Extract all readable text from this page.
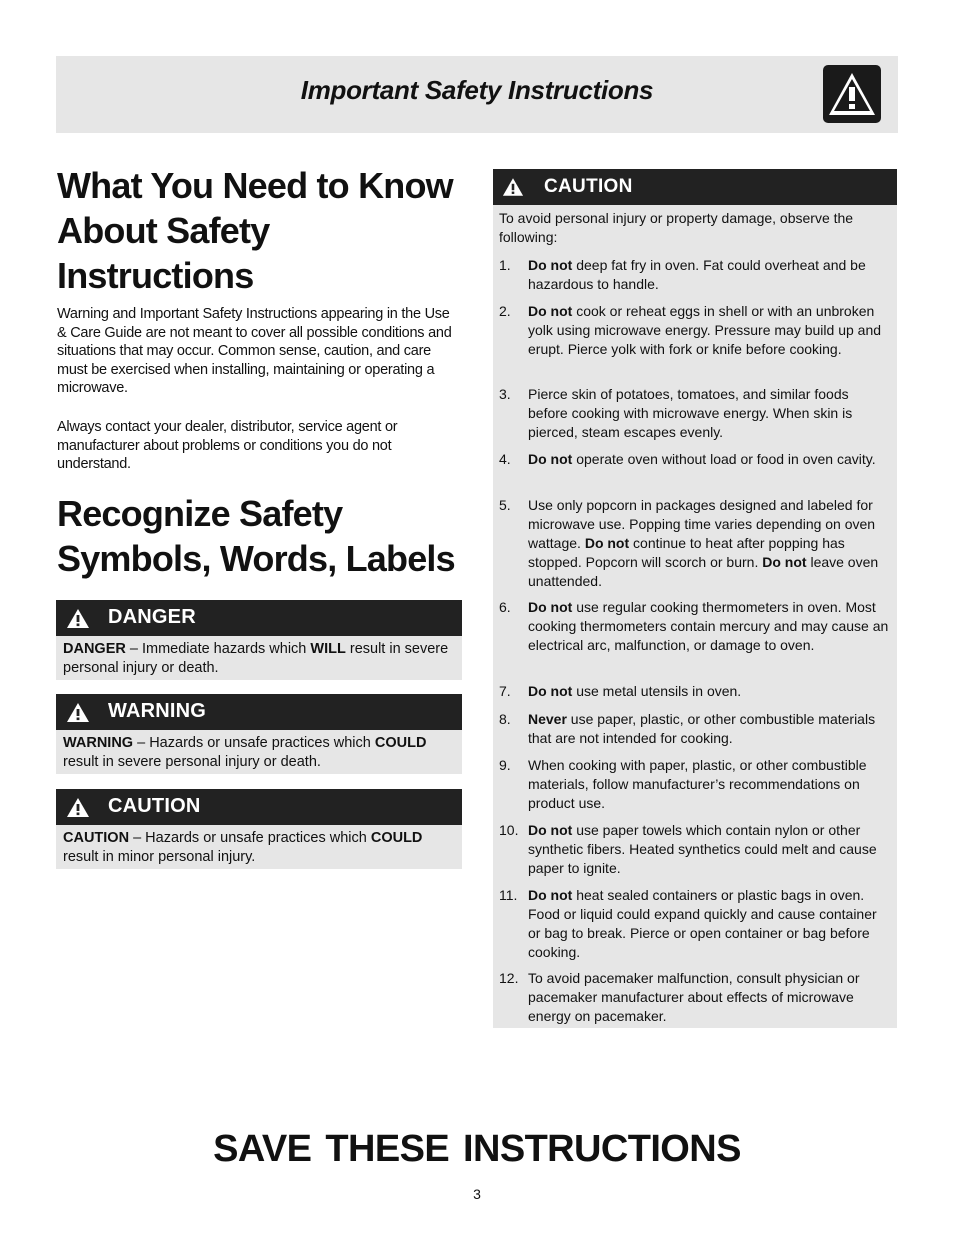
Important Safety Instructions
What You Need to Know About Safety Instructions

Warning and Important Safety Instructions appearing in the Use & Care Guide are not meant to cover all possible conditions and situations that may occur. Common sense, caution, and care must be exercised when installing, maintaining or operating a microwave.

Always contact your dealer, distributor, service agent or manufacturer about problems or conditions you do not understand.

Recognize Safety Symbols, Words, Labels
DANGER
DANGER – Immediate hazards which WILL result in severe personal injury or death.
WARNING
WARNING – Hazards or unsafe practices which COULD result in severe personal injury or death.
CAUTION
CAUTION – Hazards or unsafe practices which COULD result in minor personal injury.
CAUTION
To avoid personal injury or property damage, observe the following:
1. Do not deep fat fry in oven. Fat could overheat and be hazardous to handle.
2. Do not cook or reheat eggs in shell or with an unbroken yolk using microwave energy. Pressure may build up and erupt. Pierce yolk with fork or knife before cooking.
3. Pierce skin of potatoes, tomatoes, and similar foods before cooking with microwave energy. When skin is pierced, steam escapes evenly.
4. Do not operate oven without load or food in oven cavity.
5. Use only popcorn in packages designed and labeled for microwave use. Popping time varies depending on oven wattage. Do not continue to heat after popping has stopped. Popcorn will scorch or burn. Do not leave oven unattended.
6. Do not use regular cooking thermometers in oven. Most cooking thermometers contain mercury and may cause an electrical arc, malfunction, or damage to oven.
7. Do not use metal utensils in oven.
8. Never use paper, plastic, or other combustible materials that are not intended for cooking.
9. When cooking with paper, plastic, or other combustible materials, follow manufacturer’s recommendations on product use.
10. Do not use paper towels which contain nylon or other synthetic fibers. Heated synthetics could melt and cause paper to ignite.
11. Do not heat sealed containers or plastic bags in oven. Food or liquid could expand quickly and cause container or bag to break. Pierce or open container or bag before cooking.
12. To avoid pacemaker malfunction, consult physician or pacemaker manufacturer about effects of microwave energy on pacemaker.
SAVE THESE INSTRUCTIONS
3
